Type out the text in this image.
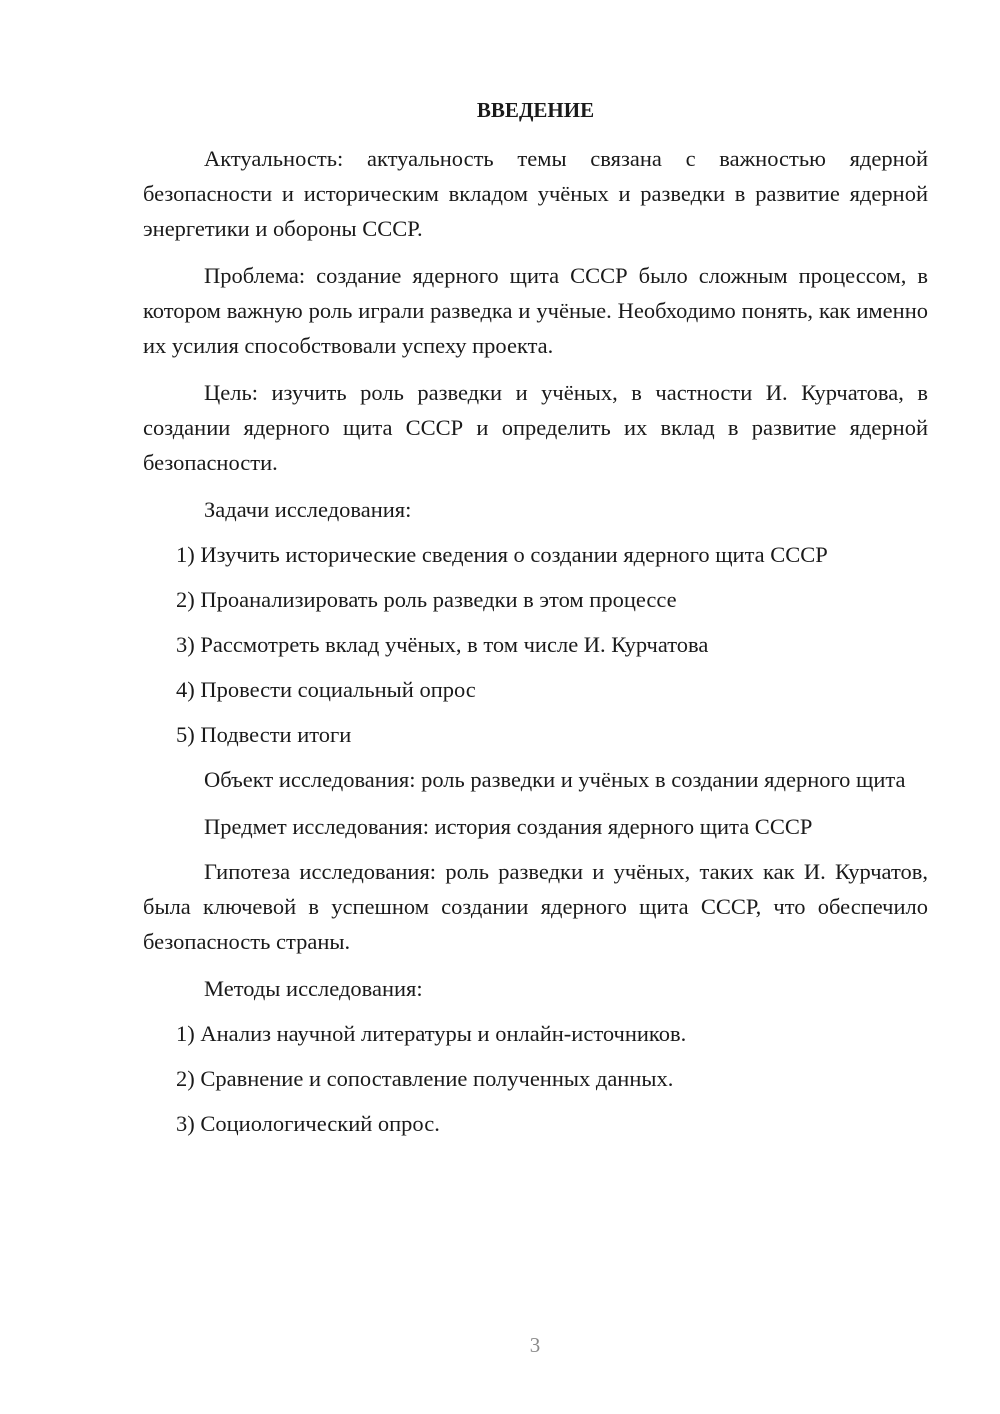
ВВЕДЕНИЕ

Актуальность: актуальность темы связана с важностью ядерной безопасности и историческим вкладом учёных и разведки в развитие ядерной энергетики и обороны СССР.

Проблема: создание ядерного щита СССР было сложным процессом, в котором важную роль играли разведка и учёные. Необходимо понять, как именно их усилия способствовали успеху проекта.

Цель: изучить роль разведки и учёных, в частности И. Курчатова, в создании ядерного щита СССР и определить их вклад в развитие ядерной безопасности.

Задачи исследования:

1) Изучить исторические сведения о создании ядерного щита СССР
2) Проанализировать роль разведки в этом процессе
3) Рассмотреть вклад учёных, в том числе И. Курчатова
4) Провести социальный опрос
5) Подвести итоги

Объект исследования: роль разведки и учёных в создании ядерного щита

Предмет исследования: история создания ядерного щита СССР

Гипотеза исследования: роль разведки и учёных, таких как И. Курчатов, была ключевой в успешном создании ядерного щита СССР, что обеспечило безопасность страны.

Методы исследования:

1) Анализ научной литературы и онлайн-источников.
2) Сравнение и сопоставление полученных данных.
3) Социологический опрос.
3
